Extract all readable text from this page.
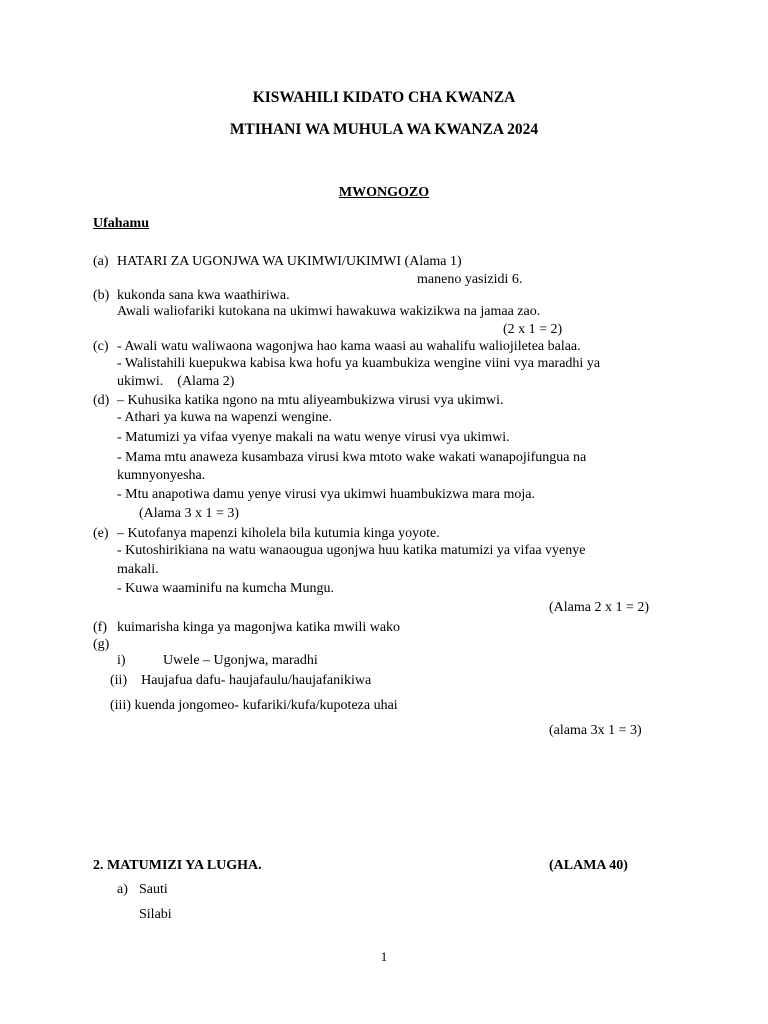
KISWAHILI KIDATO CHA KWANZA
MTIHANI WA MUHULA WA KWANZA 2024
MWONGOZO
Ufahamu
(a) HATARI ZA UGONJWA WA UKIMWI/UKIMWI (Alama 1)
maneno yasizidi 6.
(b) kukonda sana kwa waathiriwa.
Awali waliofariki kutokana na ukimwi hawakuwa wakizikwa na jamaa zao.
(2 x 1 = 2)
(c) - Awali watu waliwaona wagonjwa hao kama waasi au wahalifu waliojiletea balaa.
- Walistahili kuepukwa kabisa kwa hofu ya kuambukiza wengine viini vya maradhi ya
ukimwi.    (Alama 2)
(d) – Kuhusika katika ngono na mtu aliyeambukizwa virusi vya ukimwi.
- Athari ya kuwa na wapenzi wengine.
- Matumizi ya vifaa vyenye makali na watu wenye virusi vya ukimwi.
- Mama mtu anaweza kusambaza virusi kwa mtoto wake wakati wanapojifungua na
kumnyonyesha.
- Mtu anapotiwa damu yenye virusi vya ukimwi huambukizwa mara moja.
(Alama 3 x 1 = 3)
(e) – Kutofanya mapenzi kiholela bila kutumia kinga yoyote.
- Kutoshirikiana na watu wanaougua ugonjwa huu katika matumizi ya vifaa vyenye
makali.
- Kuwa waaminifu na kumcha Mungu.
(Alama 2 x 1 = 2)
(f) kuimarisha kinga ya magonjwa katika mwili wako
(g)
i)	Uwele – Ugonjwa, maradhi
(ii)    Haujafua dafu- haujafaulu/haujafanikiwa
(iii) kuenda jongomeo- kufariki/kufa/kupoteza uhai
(alama 3x 1 = 3)
2. MATUMIZI YA LUGHA.	(ALAMA 40)
a) Sauti
Silabi
1
